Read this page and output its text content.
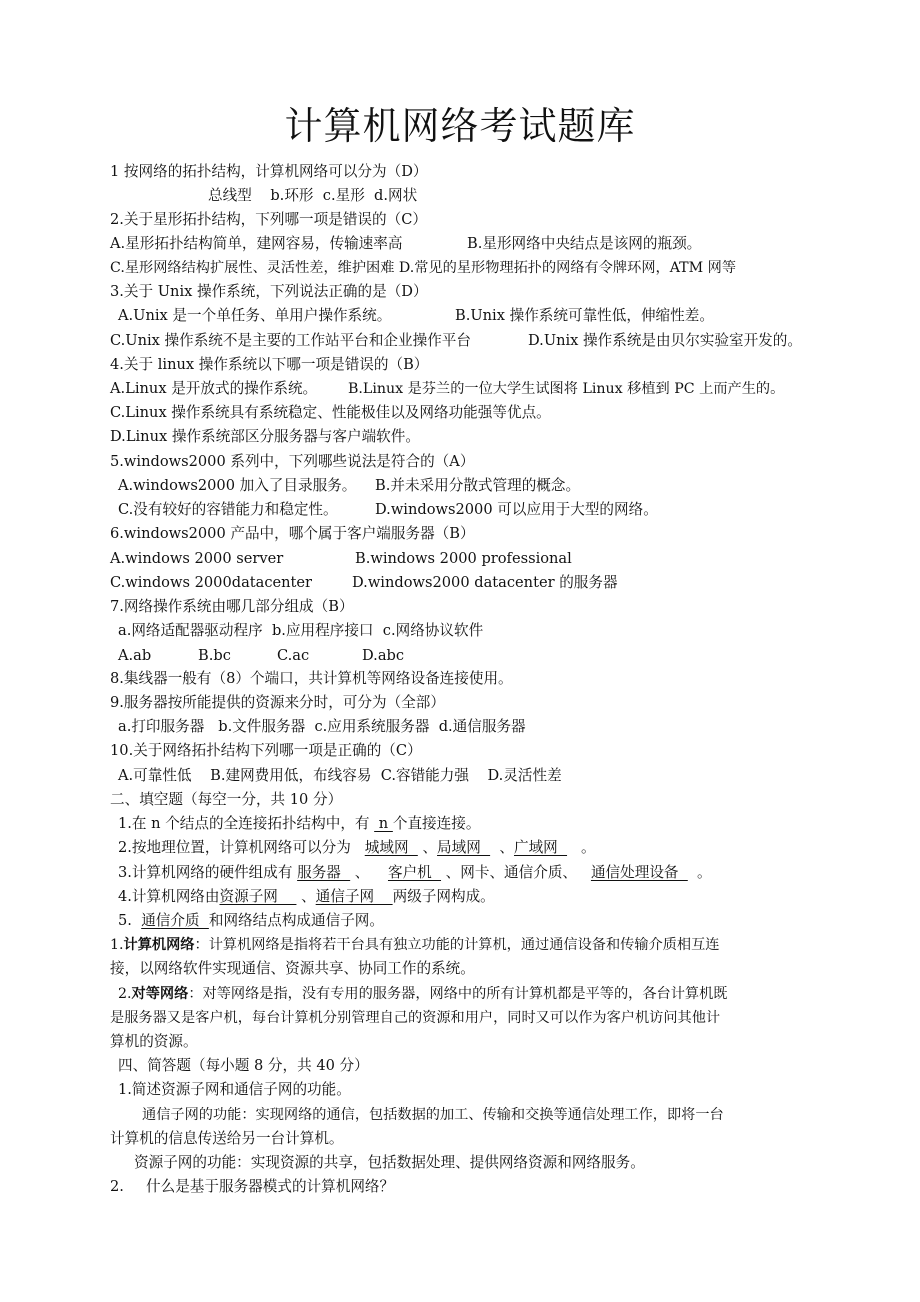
计算机网络考试题库
1 按网络的拓扑结构，计算机网络可以分为（D）
总线型    b.环形  c.星形  d.网状
2.关于星形拓扑结构，下列哪一项是错误的（C）
A.星形拓扑结构简单，建网容易，传输速率高	B.星形网络中央结点是该网的瓶颈。
C.星形网络结构扩展性、灵活性差，维护困难 D.常见的星形物理拓扑的网络有令牌环网，ATM 网等
3.关于 Unix 操作系统，下列说法正确的是（D）
A.Unix 是一个单任务、单用户操作系统。	B.Unix 操作系统可靠性低，伸缩性差。
C.Unix 操作系统不是主要的工作站平台和企业操作平台	D.Unix 操作系统是由贝尔实验室开发的。
4.关于 linux 操作系统以下哪一项是错误的（B）
A.Linux 是开放式的操作系统。	B.Linux 是芬兰的一位大学生试图将 Linux 移植到 PC 上而产生的。
C.Linux 操作系统具有系统稳定、性能极佳以及网络功能强等优点。
D.Linux 操作系统部区分服务器与客户端软件。
5.windows2000 系列中，下列哪些说法是符合的（A）
A.windows2000 加入了目录服务。	B.并未采用分散式管理的概念。
C.没有较好的容错能力和稳定性。	D.windows2000 可以应用于大型的网络。
6.windows2000 产品中，哪个属于客户端服务器（B）
A.windows 2000 server	B.windows 2000 professional
C.windows 2000datacenter	D.windows2000 datacenter 的服务器
7.网络操作系统由哪几部分组成（B）
a.网络适配器驱动程序  b.应用程序接口  c.网络协议软件
A.ab	B.bc	C.ac	D.abc
8.集线器一般有（8）个端口，共计算机等网络设备连接使用。
9.服务器按所能提供的资源来分时，可分为（全部）
a.打印服务器   b.文件服务器  c.应用系统服务器  d.通信服务器
10.关于网络拓扑结构下列哪一项是正确的（C）
A.可靠性低    B.建网费用低，布线容易  C.容错能力强    D.灵活性差
二、填空题（每空一分，共 10 分）
1.在 n 个结点的全连接拓扑结构中，有  n 个直接连接。
2.按地理位置，计算机网络可以分为   城域网   、局域网    、广域网     。
3.计算机网络的硬件组成有 服务器   、    客户机   、网卡、通信介质、   通信处理设备    。
4.计算机网络由资源子网     、通信子网    两级子网构成。
5.  通信介质  和网络结点构成通信子网。
1.计算机网络：计算机网络是指将若干台具有独立功能的计算机，通过通信设备和传输介质相互连
接，以网络软件实现通信、资源共享、协同工作的系统。
2.对等网络：对等网络是指，没有专用的服务器，网络中的所有计算机都是平等的，各台计算机既
是服务器又是客户机，每台计算机分别管理自己的资源和用户，同时又可以作为客户机访问其他计
算机的资源。
四、简答题（每小题 8 分，共 40 分）
1.简述资源子网和通信子网的功能。
通信子网的功能：实现网络的通信，包括数据的加工、传输和交换等通信处理工作，即将一台
计算机的信息传送给另一台计算机。
资源子网的功能：实现资源的共享，包括数据处理、提供网络资源和网络服务。
2.	什么是基于服务器模式的计算机网络？
